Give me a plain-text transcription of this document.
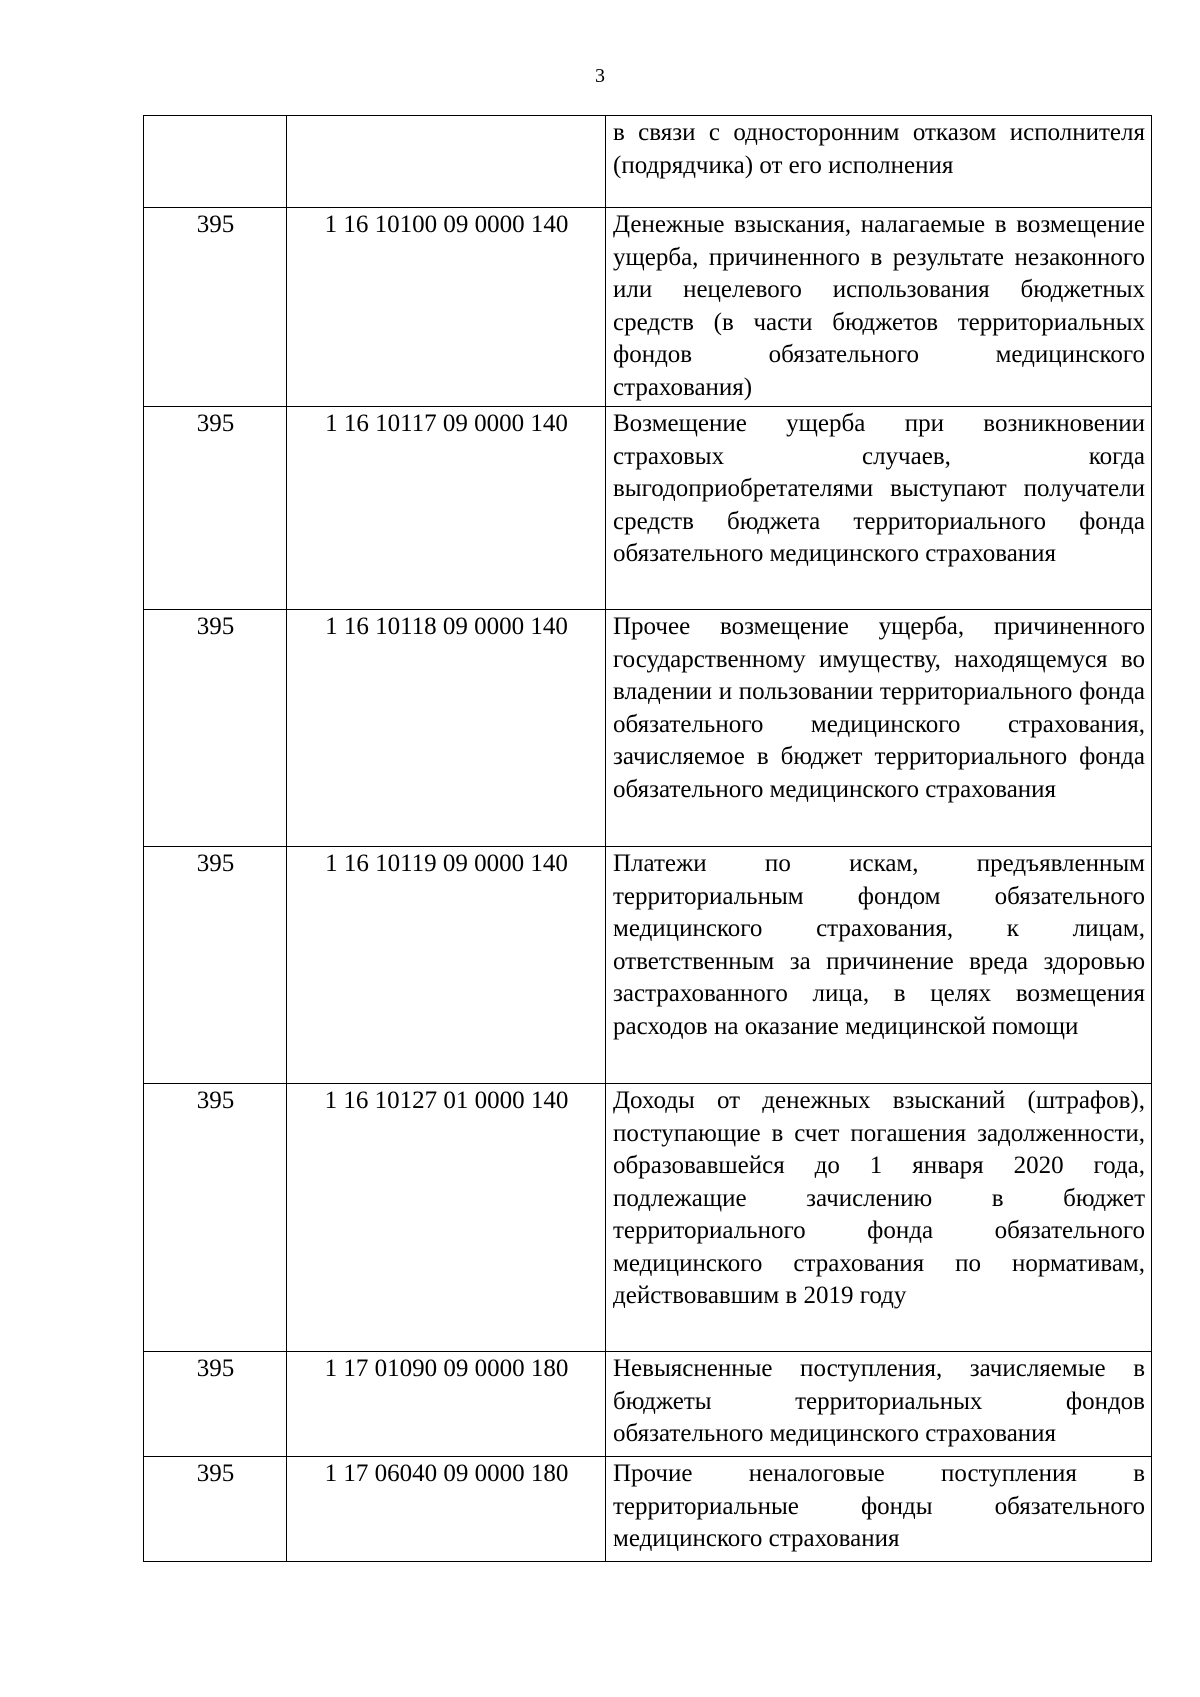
3
		в связи с односторонним отказом исполнителя (подрядчика) от его исполнения
395	1 16 10100 09 0000 140	Денежные взыскания, налагаемые в возмещение ущерба, причиненного в результате незаконного или нецелевого использования бюджетных средств (в части бюджетов территориальных фондов обязательного медицинского страхования)
395	1 16 10117 09 0000 140	Возмещение ущерба при возникновении страховых случаев, когда выгодоприобретателями выступают получатели средств бюджета территориального фонда обязательного медицинского страхования
395	1 16 10118 09 0000 140	Прочее возмещение ущерба, причиненного государственному имуществу, находящемуся во владении и пользовании территориального фонда обязательного медицинского страхования, зачисляемое в бюджет территориального фонда обязательного медицинского страхования
395	1 16 10119 09 0000 140	Платежи по искам, предъявленным территориальным фондом обязательного медицинского страхования, к лицам, ответственным за причинение вреда здоровью застрахованного лица, в целях возмещения расходов на оказание медицинской помощи
395	1 16 10127 01 0000 140	Доходы от денежных взысканий (штрафов), поступающие в счет погашения задолженности, образовавшейся до 1 января 2020 года, подлежащие зачислению в бюджет территориального фонда обязательного медицинского страхования по нормативам, действовавшим в 2019 году
395	1 17 01090 09 0000 180	Невыясненные поступления, зачисляемые в бюджеты территориальных фондов обязательного медицинского страхования
395	1 17 06040 09 0000 180	Прочие неналоговые поступления в территориальные фонды обязательного медицинского страхования
